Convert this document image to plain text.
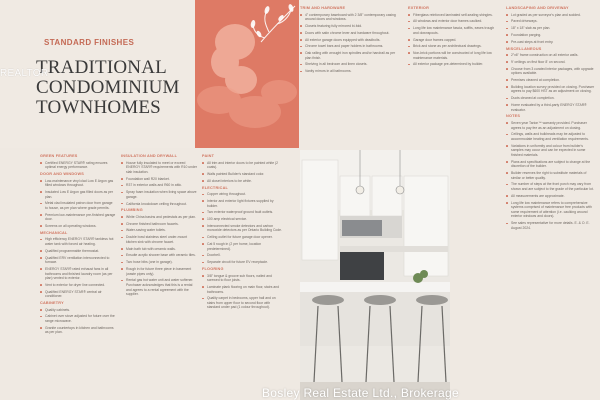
STANDARD FINISHES
TRADITIONAL CONDOMINIUM TOWNHOMES
REALTOR
GREEN FEATURES
Certified ENERGY STAR® rating ensures optimal energy performance.
DOOR AND WINDOWS
Low-maintenance vinyl clad Low E Argon gas filled windows throughout.
Insulated Low E Argon gas filled doors as per plan.
Metal clad insulated patron door from garage to house, as per plan where grade permits.
Premium low-maintenance pre-finished garage door.
Screens on all operating windows.
MECHANICAL
High efficiency ENERGY STAR® tankless hot water tank with forced air heating.
Qualified programmable thermostat.
Qualified ERV ventilation interconnected to furnace.
ENERGY STAR® rated exhaust fans in all bathrooms and finished laundry room (as per plan) vented to exterior.
Vent to exterior for dryer line connected.
Qualified ENERGY STAR® central air conditioner.
CABINETRY
Quality cabinets.
Cabinet over stove adjusted for future over the range microwave.
Granite countertops in kitchen and bathrooms as per plan.
INSULATION AND DRYWALL
House fully insulated to meet or exceed ENERGY STAR® requirements with R10 under slab insulation.
Foundation wall R20 blanket.
R37 in exterior walls and R60 in attic.
Spray foam insulation when living space above garage.
California knockdown ceiling throughout.
PLUMBING
White China basins and pedestals as per plan.
Chrome finished bathroom faucets.
Water-saving water toilets.
Double bowl stainless steel under-mount kitchen sink with chrome faucet.
Main bath tub with ceramic walls.
Ensuite acrylic shower base with ceramic tiles.
Two hose bibs (one in garage).
Rough in for future three piece in basement (waste pipes only).
Rental gas hot water unit and water softener. Purchaser acknowledges that this is a rental and agrees to a rental agreement with the supplier.
PAINT
All trim and interior doors to be painted white (2 coats).
Walls painted Builder's standard color.
All closet interiors to be white.
ELECTRICAL
Copper wiring throughout.
Interior and exterior light fixtures supplied by builder.
Two exterior waterproof ground fault outlets.
100 amp electrical service.
Interconnected smoke detectors and carbon monoxide detectors as per Ontario Building Code.
Ceiling outlet for future garage door opener.
Cat 5 rough in (2 per home, location predetermined).
Doorbell.
Separate circuit for future EV receptacle.
FLOORING
3/8" tongue & groove sub floors, nailed and screwed to floor joists.
Laminate plank flooring on main floor, stairs and bathrooms.
Quality carpet in bedrooms, upper hall and on stairs from upper floor to second floor with standard under pad (1 colour throughout).
TRIM AND HARDWARE
4" contemporary baseboard with 2 3/8" contemporary casing around doors and windows.
Closets featuring fully mirrored bi-fold.
Doors with satin chrome lever and hardware throughout.
All exterior garage doors equipped with deadbolts.
Chrome towel bars and paper holders in bathrooms.
Oak railing with wrought iron spindles and/or handrail as per plan finish.
Shelving in all bedroom and linen closets.
Vanity mirrors in all bathrooms.
EXTERIOR
Fiberglass reinforced laminated self-sealing shingles.
All windows and exterior door frames caulked.
Long life low maintenance fascia, soffits, eaves trough and downspouts.
Garage door frames capped.
Brick and stone as per architectural drawings.
Non-brick portions will be constructed of long life low maintenance materials.
All exterior package pre-determined by builder.
LANDSCAPING AND DRIVEWAY
Lot graded as per surveyor's plan and sodded.
Paved driveways.
18" x 18" slab as per plan.
Foundation parging.
Pre-cast steps at front entry.
MISCELLANEOUS
2"x6" frame construction on all exterior walls.
9' ceilings on first floor 8' on second.
Choose from 3 curated interior packages, with upgrade options available.
Premises cleaned at completion.
Building location survey provided on closing. Purchaser agrees to pay $600 HST as an adjustment on closing.
Ducts cleaned at completion.
Home evaluated by a third-party ENERGY STAR® evaluator.
NOTES
Seven year Tarion™ warranty provided. Purchaser agrees to pay fee as an adjustment on closing.
Ceilings, walls and bulkheads may be adjusted to accommodate heating and ventilation requirements.
Variations in uniformity and colour from builder's samples may occur and can be expected in some finished materials.
Plans and specifications are subject to change at the discretion of the builder.
Builder reserves the right to substitute materials of similar or better quality.
The number of steps at the front porch may vary from shown and are subject to the grade of the particular lot.
All measurements are approximate.
Long life low maintenance refers to comprehensive systems comprised of maintenance free products with some requirement of attention (i.e. caulking around exterior windows and doors).
See sales representative for more details. E. & O. E. August 2024.
Bosley Real Estate Ltd., Brokerage
